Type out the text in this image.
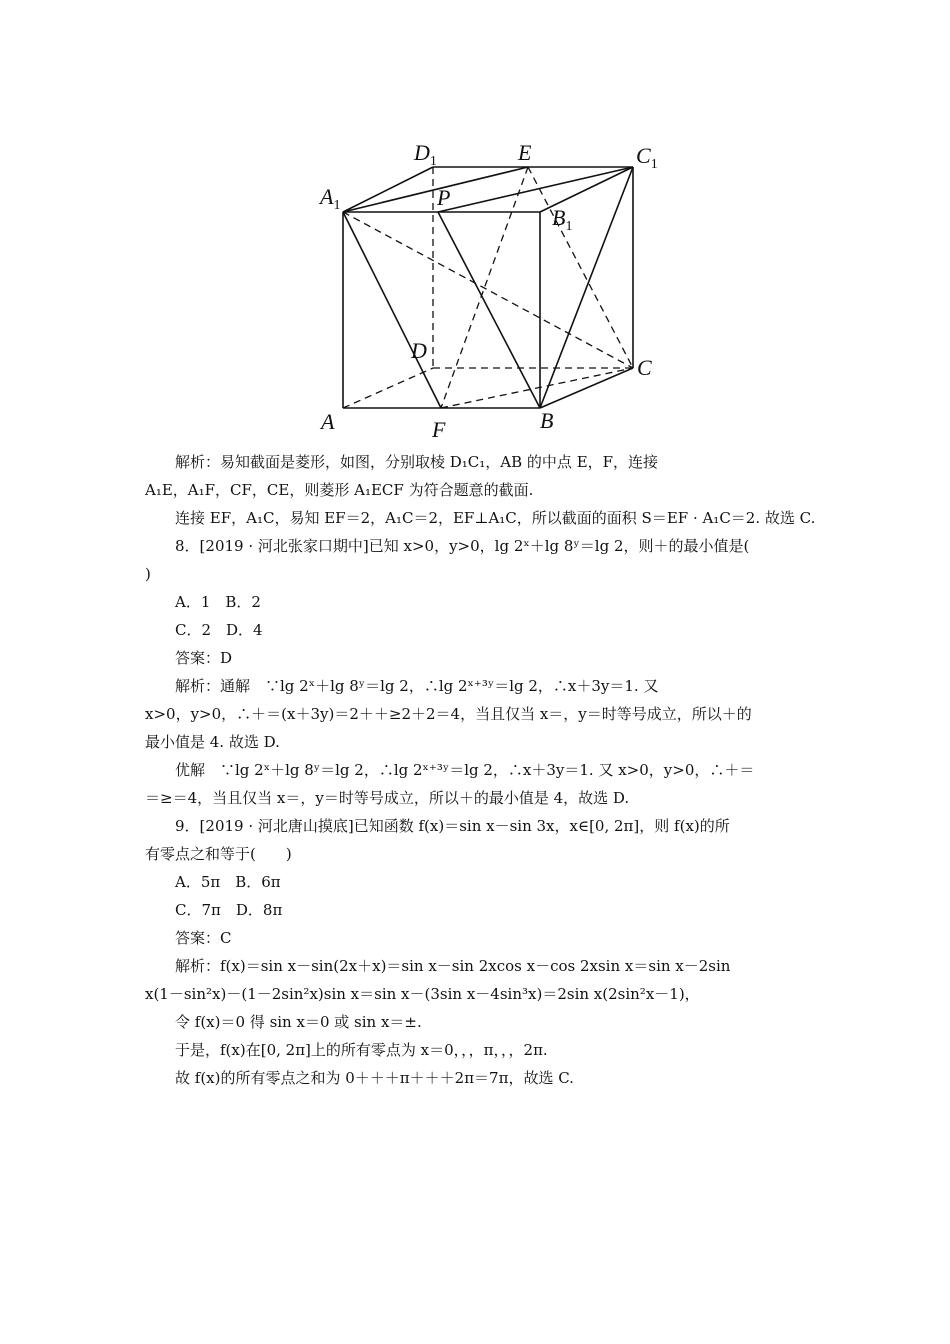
$D_1$	E	$C_1$
$A_1$	P
$B_1$
D
C
A	F	B
解析：易知截面是菱形，如图，分别取棱 D₁C₁，AB 的中点 E，F，连接
A₁E，A₁F，CF，CE，则菱形 A₁ECF 为符合题意的截面.
连接 EF，A₁C，易知 EF＝2，A₁C＝2，EF⊥A₁C，所以截面的面积 S＝EF · A₁C＝2. 故选 C.
8．[2019 · 河北张家口期中]已知 x>0，y>0，lg 2ˣ＋lg 8ʸ＝lg 2，则＋的最小值是(
)
A．1　B．2
C．2　D．4
答案：D
解析：通解　∵lg 2ˣ＋lg 8ʸ＝lg 2，∴lg 2ˣ⁺³ʸ＝lg 2，∴x＋3y＝1. 又
x>0，y>0，∴＋＝(x＋3y)＝2＋＋≥2＋2＝4，当且仅当 x＝，y＝时等号成立，所以＋的
最小值是 4. 故选 D.
优解　∵lg 2ˣ＋lg 8ʸ＝lg 2，∴lg 2ˣ⁺³ʸ＝lg 2，∴x＋3y＝1. 又 x>0，y>0，∴＋＝
＝≥＝4，当且仅当 x＝，y＝时等号成立，所以＋的最小值是 4，故选 D.
9．[2019 · 河北唐山摸底]已知函数 f(x)＝sin x－sin 3x，x∈[0, 2π]，则 f(x)的所
有零点之和等于(　　)
A．5π　B．6π
C．7π　D．8π
答案：C
解析：f(x)＝sin x－sin(2x＋x)＝sin x－sin 2xcos x－cos 2xsin x＝sin x－2sin
x(1－sin²x)－(1－2sin²x)sin x＝sin x－(3sin x－4sin³x)＝2sin x(2sin²x－1)，
令 f(x)＝0 得 sin x＝0 或 sin x＝±.
于是，f(x)在[0, 2π]上的所有零点为 x＝0，，，π，，，2π.
故 f(x)的所有零点之和为 0＋＋＋π＋＋＋2π＝7π，故选 C.
